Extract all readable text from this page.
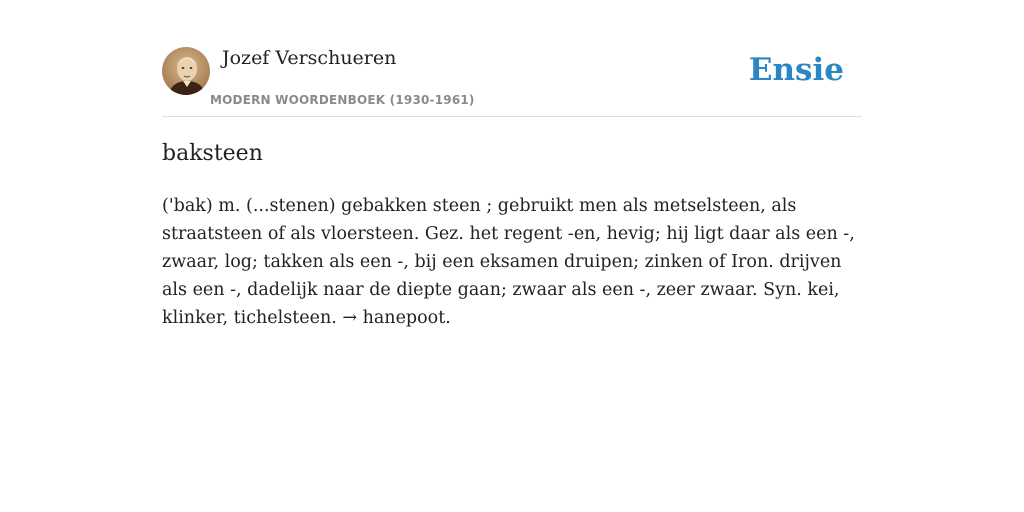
Jozef Verschueren
MODERN WOORDENBOEK (1930-1961)
Ensie
baksteen

('bak) m. (...stenen) gebakken steen ; gebruikt men als metselsteen, als straatsteen of als vloersteen. Gez. het regent -en, hevig; hij ligt daar als een -, zwaar, log; takken als een -, bij een eksamen druipen; zinken of Iron. drijven als een -, dadelijk naar de diepte gaan; zwaar als een -, zeer zwaar. Syn. kei, klinker, tichelsteen. → hanepoot.
